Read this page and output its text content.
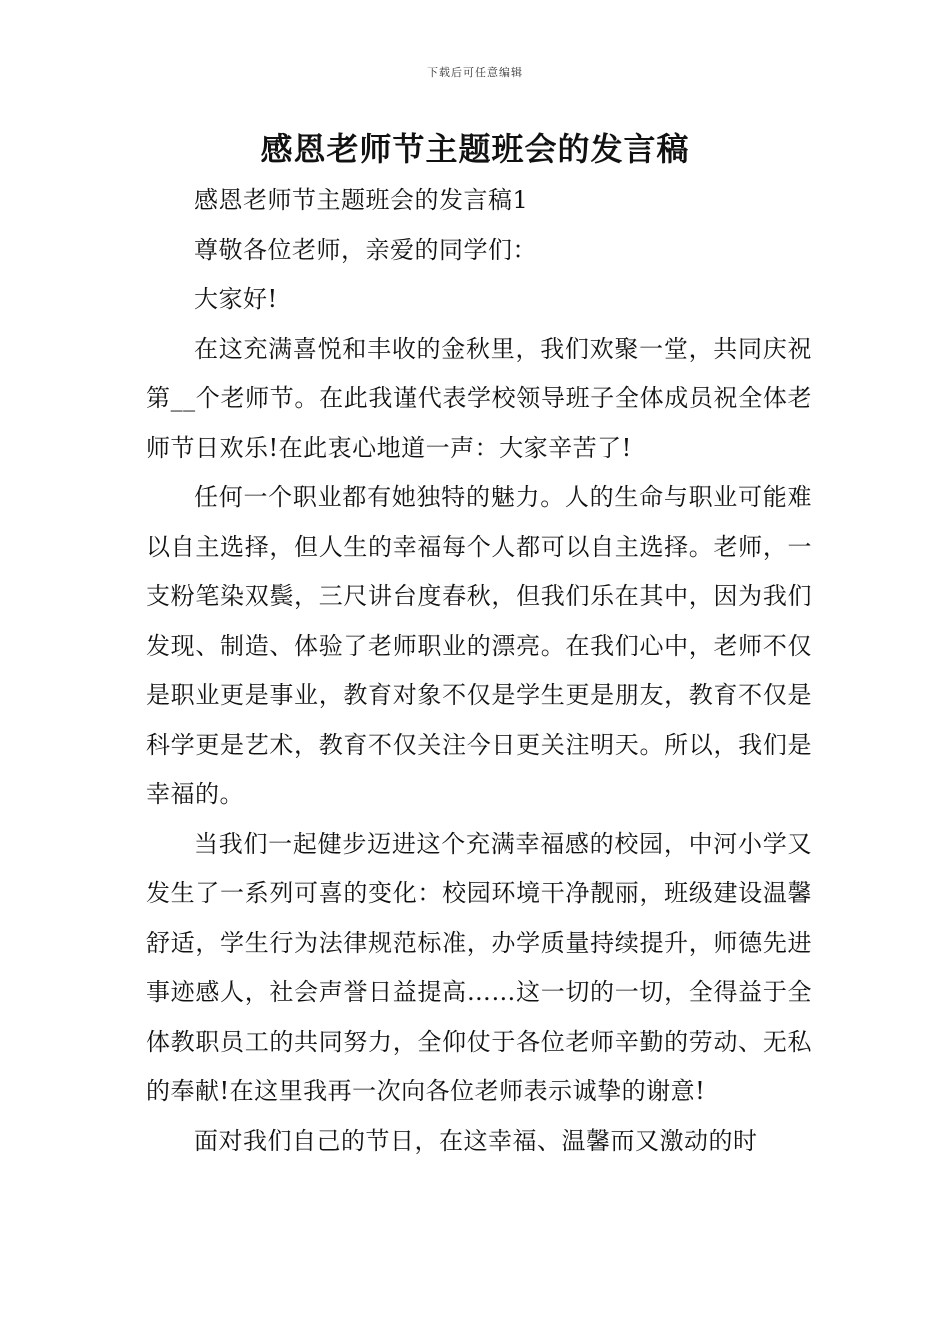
下载后可任意编辑
感恩老师节主题班会的发言稿

感恩老师节主题班会的发言稿1

尊敬各位老师，亲爱的同学们：

大家好!

在这充满喜悦和丰收的金秋里，我们欢聚一堂，共同庆祝第__个老师节。在此我谨代表学校领导班子全体成员祝全体老师节日欢乐!在此衷心地道一声：大家辛苦了!

任何一个职业都有她独特的魅力。人的生命与职业可能难以自主选择，但人生的幸福每个人都可以自主选择。老师，一支粉笔染双鬓，三尺讲台度春秋，但我们乐在其中，因为我们发现、制造、体验了老师职业的漂亮。在我们心中，老师不仅是职业更是事业，教育对象不仅是学生更是朋友，教育不仅是科学更是艺术，教育不仅关注今日更关注明天。所以，我们是幸福的。

当我们一起健步迈进这个充满幸福感的校园，中河小学又发生了一系列可喜的变化：校园环境干净靓丽，班级建设温馨舒适，学生行为法律规范标准，办学质量持续提升，师德先进事迹感人，社会声誉日益提高……这一切的一切，全得益于全体教职员工的共同努力，全仰仗于各位老师辛勤的劳动、无私的奉献!在这里我再一次向各位老师表示诚挚的谢意!

面对我们自己的节日，在这幸福、温馨而又激动的时
